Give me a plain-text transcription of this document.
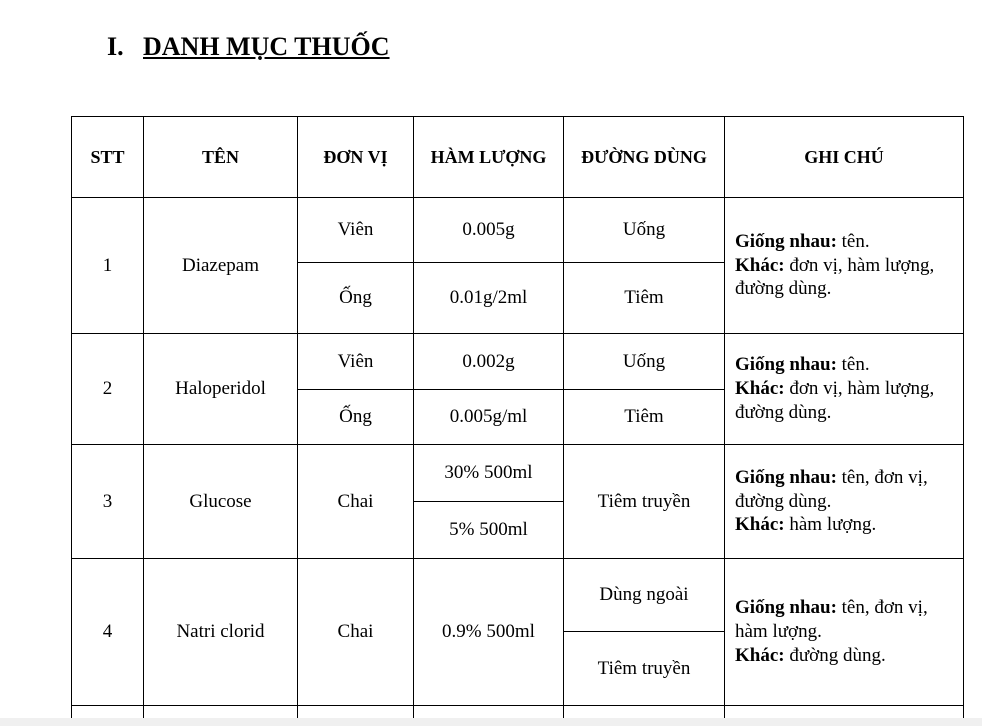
I. DANH MỤC THUỐC
STT	TÊN	ĐƠN VỊ	HÀM LƯỢNG	ĐƯỜNG DÙNG	GHI CHÚ
1	Diazepam	Viên	0.005g	Uống	Giống nhau: tên.
Khác: đơn vị, hàm lượng, đường dùng.
		Ống	0.01g/2ml	Tiêm	
2	Haloperidol	Viên	0.002g	Uống	Giống nhau: tên.
Khác: đơn vị, hàm lượng, đường dùng.
		Ống	0.005g/ml	Tiêm	
3	Glucose	Chai	30% 500ml	Tiêm truyền	Giống nhau: tên, đơn vị, đường dùng.
Khác: hàm lượng.
			5% 500ml		
4	Natri clorid	Chai	0.9% 500ml	Dùng ngoài	Giống nhau: tên, đơn vị, hàm lượng.
Khác: đường dùng.
				Tiêm truyền	
